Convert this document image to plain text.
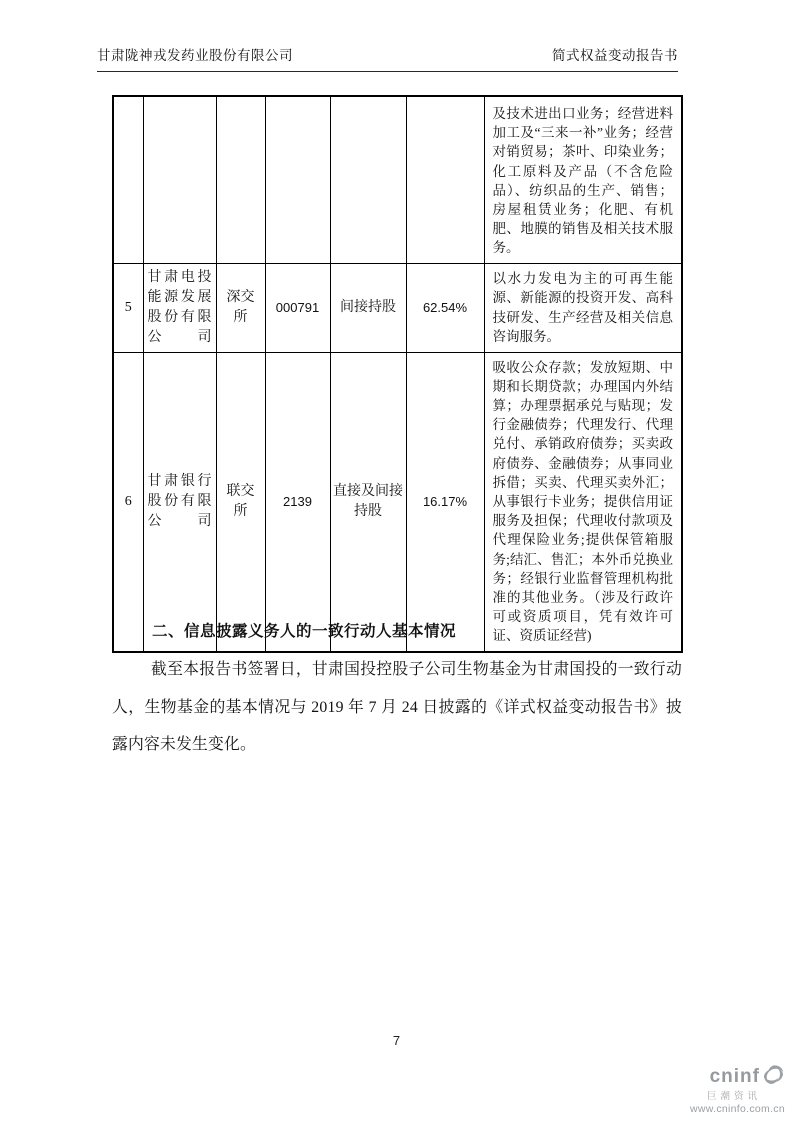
甘肃陇神戎发药业股份有限公司	简式权益变动报告书
						及技术进出口业务；经营进料加工及“三来一补”业务；经营对销贸易；茶叶、印染业务；化工原料及产品（不含危险品）、纺织品的生产、销售；房屋租赁业务；化肥、有机肥、地膜的销售及相关技术服务。
5	甘肃电投能源发展股份有限公司	深交所	000791	间接持股	62.54%	以水力发电为主的可再生能源、新能源的投资开发、高科技研发、生产经营及相关信息咨询服务。
6	甘肃银行股份有限公司	联交所	2139	直接及间接持股	16.17%	吸收公众存款；发放短期、中期和长期贷款；办理国内外结算；办理票据承兑与贴现；发行金融债券；代理发行、代理兑付、承销政府债券；买卖政府债券、金融债券；从事同业拆借；买卖、代理买卖外汇；从事银行卡业务；提供信用证服务及担保；代理收付款项及代理保险业务;提供保管箱服务;结汇、售汇；本外币兑换业务；经银行业监督管理机构批准的其他业务。（涉及行政许可或资质项目，凭有效许可证、资质证经营)
二、信息披露义务人的一致行动人基本情况
截至本报告书签署日，甘肃国投控股子公司生物基金为甘肃国投的一致行动人，生物基金的基本情况与 2019 年 7 月 24 日披露的《详式权益变动报告书》披露内容未发生变化。
7
cninf
巨潮资讯
www.cninfo.com.cn
